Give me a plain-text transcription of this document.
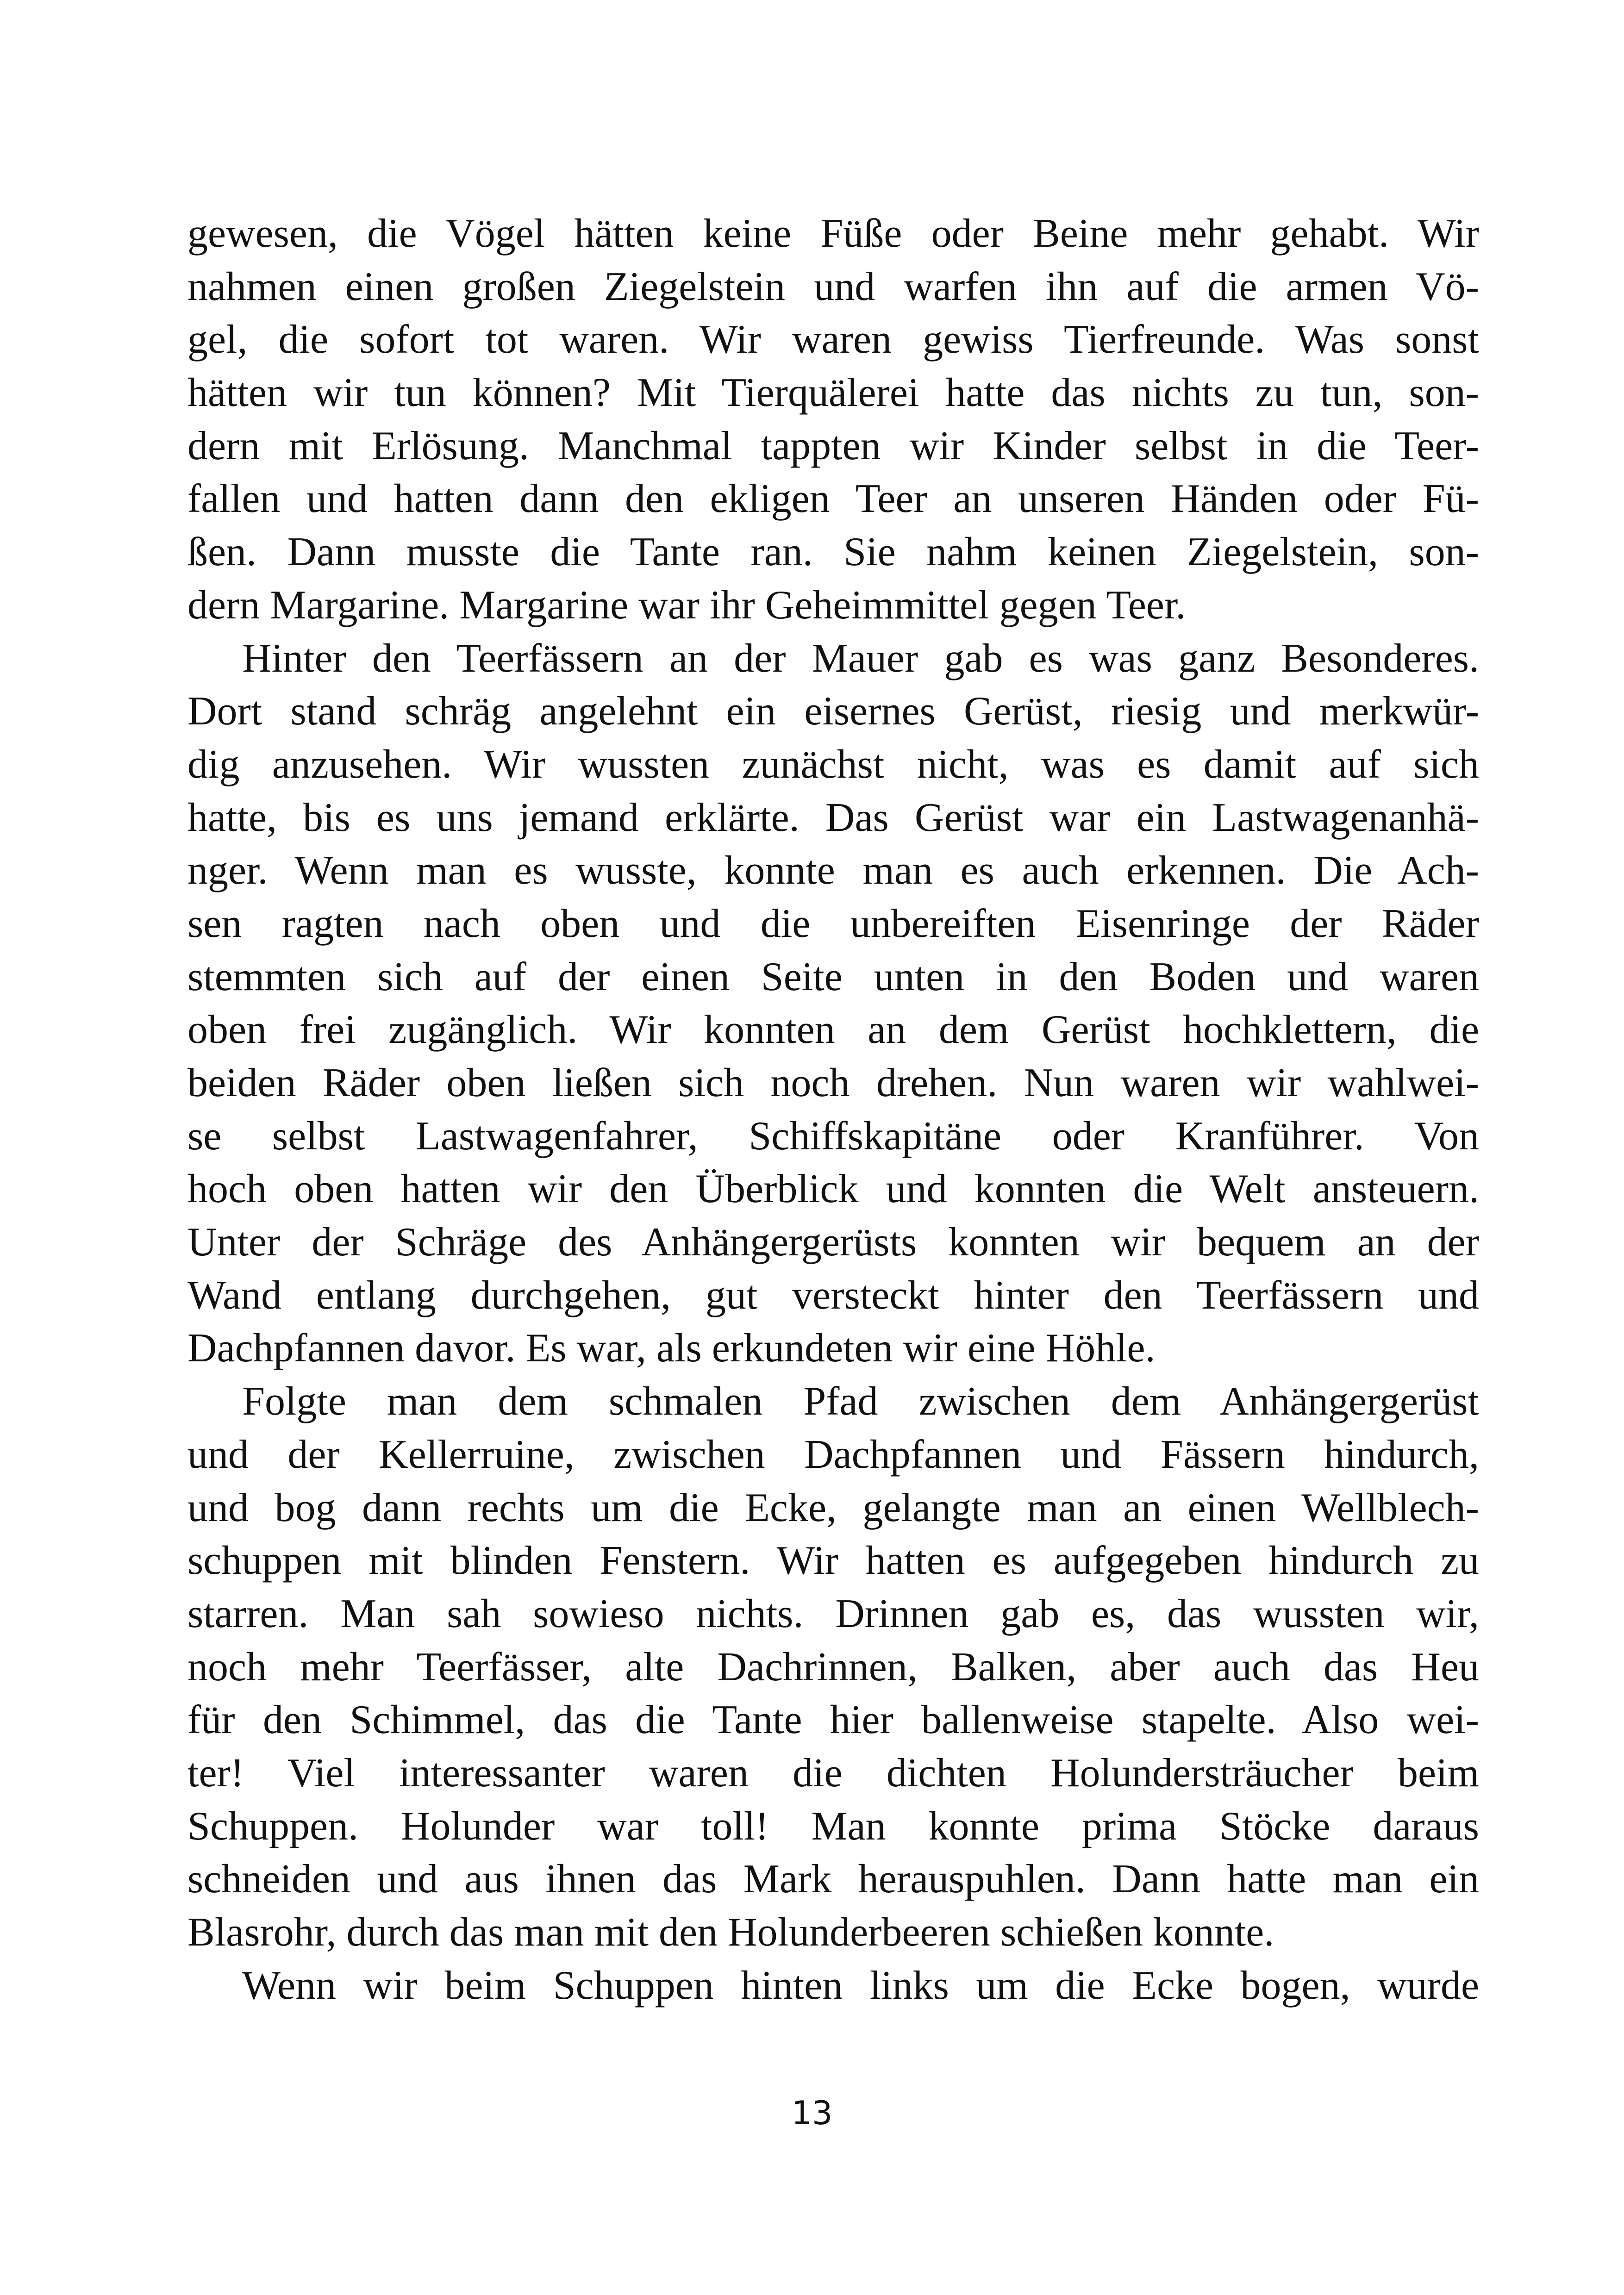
gewesen, die Vögel hätten keine Füße oder Beine mehr gehabt. Wir
nahmen einen großen Ziegelstein und warfen ihn auf die armen Vö-
gel, die sofort tot waren. Wir waren gewiss Tierfreunde. Was sonst
hätten wir tun können? Mit Tierquälerei hatte das nichts zu tun, son-
dern mit Erlösung. Manchmal tappten wir Kinder selbst in die Teer-
fallen und hatten dann den ekligen Teer an unseren Händen oder Fü-
ßen. Dann musste die Tante ran. Sie nahm keinen Ziegelstein, son-
dern Margarine. Margarine war ihr Geheimmittel gegen Teer.
Hinter den Teerfässern an der Mauer gab es was ganz Besonderes.
Dort stand schräg angelehnt ein eisernes Gerüst, riesig und merkwür-
dig anzusehen. Wir wussten zunächst nicht, was es damit auf sich
hatte, bis es uns jemand erklärte. Das Gerüst war ein Lastwagenanhä-
nger. Wenn man es wusste, konnte man es auch erkennen. Die Ach-
sen ragten nach oben und die unbereiften Eisenringe der Räder
stemmten sich auf der einen Seite unten in den Boden und waren
oben frei zugänglich. Wir konnten an dem Gerüst hochklettern, die
beiden Räder oben ließen sich noch drehen. Nun waren wir wahlwei-
se selbst Lastwagenfahrer, Schiffskapitäne oder Kranführer. Von
hoch oben hatten wir den Überblick und konnten die Welt ansteuern.
Unter der Schräge des Anhängergerüsts konnten wir bequem an der
Wand entlang durchgehen, gut versteckt hinter den Teerfässern und
Dachpfannen davor. Es war, als erkundeten wir eine Höhle.
Folgte man dem schmalen Pfad zwischen dem Anhängergerüst
und der Kellerruine, zwischen Dachpfannen und Fässern hindurch,
und bog dann rechts um die Ecke, gelangte man an einen Wellblech-
schuppen mit blinden Fenstern. Wir hatten es aufgegeben hindurch zu
starren. Man sah sowieso nichts. Drinnen gab es, das wussten wir,
noch mehr Teerfässer, alte Dachrinnen, Balken, aber auch das Heu
für den Schimmel, das die Tante hier ballenweise stapelte. Also wei-
ter! Viel interessanter waren die dichten Holundersträucher beim
Schuppen. Holunder war toll! Man konnte prima Stöcke daraus
schneiden und aus ihnen das Mark herauspuhlen. Dann hatte man ein
Blasrohr, durch das man mit den Holunderbeeren schießen konnte.
Wenn wir beim Schuppen hinten links um die Ecke bogen, wurde
13
